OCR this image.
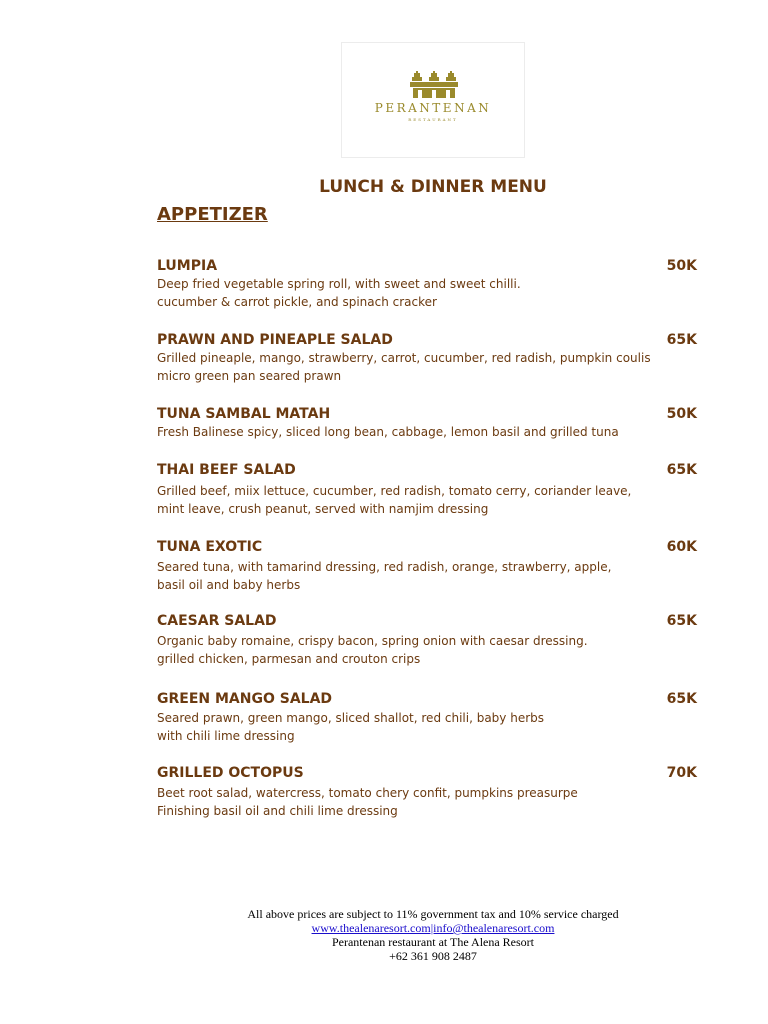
PERANTENAN
RESTAURANT
LUNCH & DINNER MENU
APPETIZER
LUMPIA	50K
Deep fried vegetable spring roll, with sweet and sweet chilli.
cucumber & carrot pickle, and spinach cracker
PRAWN AND PINEAPLE SALAD	65K
Grilled pineaple, mango, strawberry, carrot, cucumber, red radish, pumpkin coulis
micro green pan seared prawn
TUNA SAMBAL MATAH	50K
Fresh Balinese spicy, sliced long bean, cabbage, lemon basil and grilled tuna
THAI BEEF SALAD	65K
Grilled beef, miix lettuce, cucumber, red radish, tomato cerry, coriander leave,
mint leave, crush peanut, served with namjim dressing
TUNA EXOTIC	60K
Seared tuna, with tamarind dressing, red radish, orange, strawberry, apple,
basil oil and baby herbs
CAESAR SALAD	65K
Organic baby romaine, crispy bacon, spring onion with caesar dressing.
grilled chicken, parmesan and crouton crips
GREEN MANGO SALAD	65K
Seared prawn, green mango, sliced shallot, red chili, baby herbs
with chili lime dressing
GRILLED OCTOPUS	70K
Beet root salad, watercress, tomato chery confit, pumpkins preasurpe
Finishing basil oil and chili lime dressing
All above prices are subject to 11% government tax and 10% service charged
www.thealenaresort.com|info@thealenaresort.com
Perantenan restaurant at The Alena Resort
+62 361 908 2487
